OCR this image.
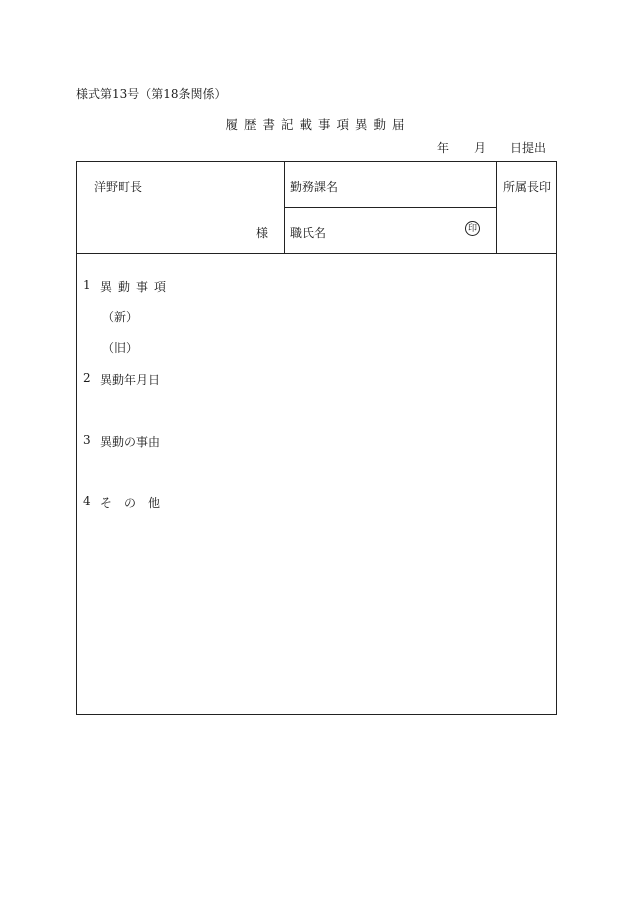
様式第13号（第18条関係）
履歴書記載事項異動届
年 月 日提出
洋野町長
様
勤務課名
職氏名	印
所属長印
1 異動事項
（新）
（旧）
2 異動年月日
3 異動の事由
4 その他
